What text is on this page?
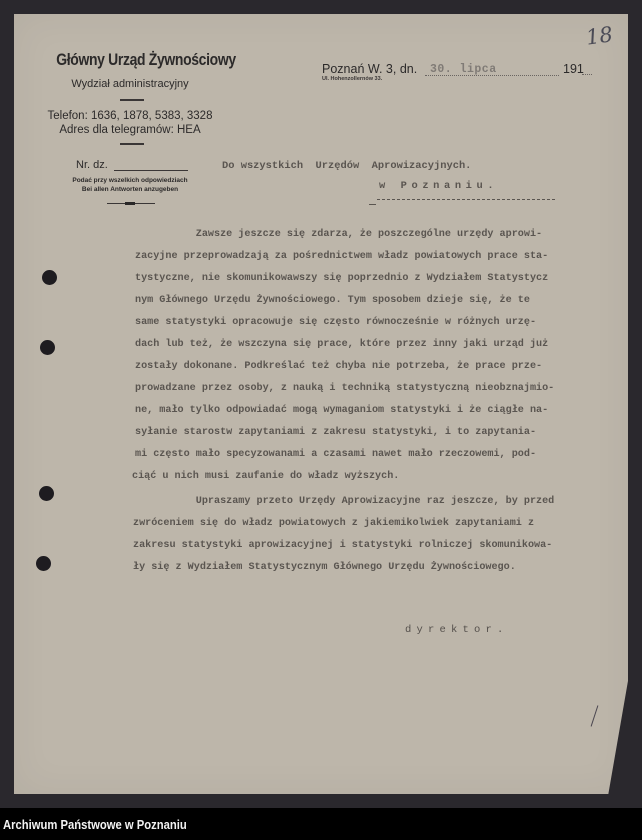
Główny Urząd Żywnościowy
Wydział administracyjny
Telefon: 1636, 1878, 5383, 3328
Adres dla telegramów: HEA
Nr. dz.
Podać przy wszelkich odpowiedziach
Bei allen Antworten anzugeben
Poznań W. 3, dn.
Ul. Hohenzollernów 33.
30. lipca	191
18
Do wszystkich  Urzędów  Aprowizacyjnych.
w Poznaniu.
Zawsze jeszcze się zdarza, że poszczególne urzędy aprowi-
zacyjne przeprowadzają za pośrednictwem władz powiatowych prace sta-
tystyczne, nie skomunikowawszy się poprzednio z Wydziałem Statystycz
nym Głównego Urzędu Żywnościowego. Tym sposobem dzieje się, że te
same statystyki opracowuje się często równocześnie w różnych urzę-
dach lub też, że wszczyna się prace, które przez inny jaki urząd już
zostały dokonane. Podkreślać też chyba nie potrzeba, że prace prze-
prowadzane przez osoby, z nauką i techniką statystyczną nieobznajmio-
ne, mało tylko odpowiadać mogą wymaganiom statystyki i że ciągłe na-
syłanie starostw zapytaniami z zakresu statystyki, i to zapytania-
mi często mało specyzowanami a czasami nawet mało rzeczowemi, pod-
ciąć u nich musi zaufanie do władz wyższych.
Upraszamy przeto Urzędy Aprowizacyjne raz jeszcze, by przed
zwróceniem się do władz powiatowych z jakiemikolwiek zapytaniami z
zakresu statystyki aprowizacyjnej i statystyki rolniczej skomunikowa-
ły się z Wydziałem Statystycznym Głównego Urzędu Żywnościowego.
dyrektor.
Archiwum Państwowe w Poznaniu
